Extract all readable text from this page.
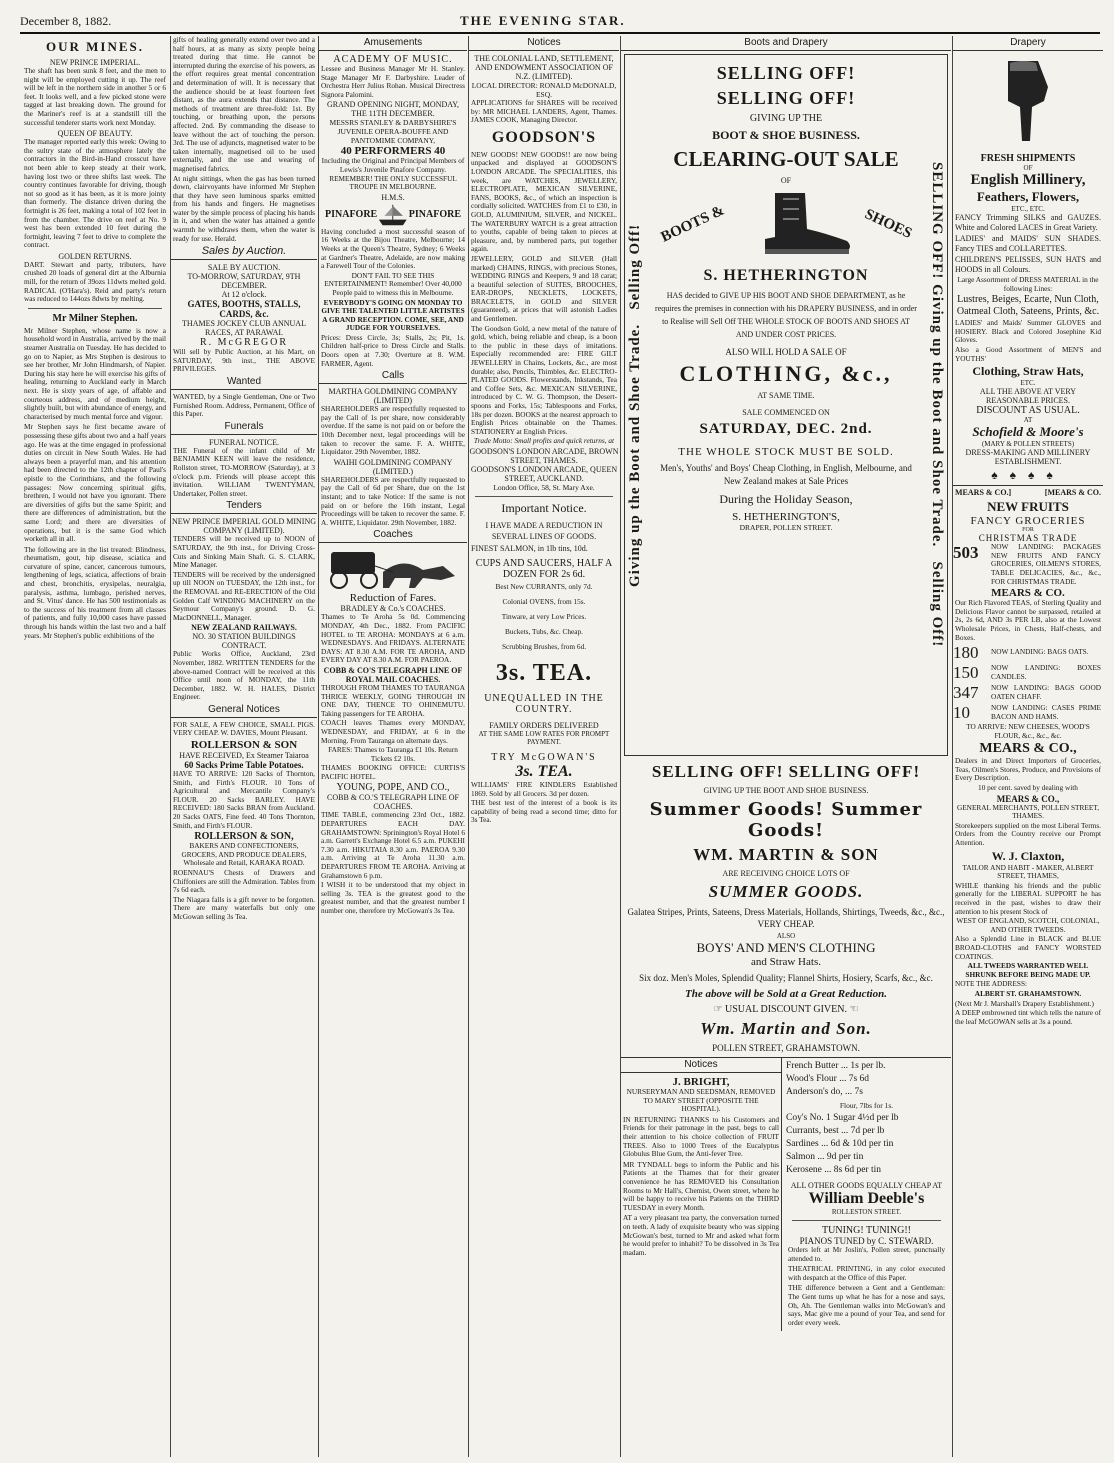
December 8, 1882.	THE EVENING STAR.
OUR MINES.
NEW PRINCE IMPERIAL.

The shaft has been sunk 8 feet, and the men to night will be employed cutting it up. The reef will be left in the northern side in another 5 or 6 feet. It looks well, and a few picked stone were tagged at last breaking down. The ground for the Mariner's reef is at a standstill till the successful tenderer starts work next Monday.

QUEEN OF BEAUTY.

The manager reported early this week: Owing to the sultry state of the atmosphere lately the contractors in the Bird-in-Hand crosscut have not been able to keep steady at their work, having lost two or three shifts last week. The country continues favorable for driving, though not so good as it has been, as it is more jointy than formerly. The distance driven during the fortnight is 26 feet, making a total of 102 feet in from the chamber. The drive on reef at No. 9 west has been extended 10 feet during the fortnight, leaving 7 feet to drive to complete the contract.

GOLDEN RETURNS.

DART. Stewart and party, tributers, have crushed 20 loads of general dirt at the Alburnia mill, for the return of 39ozs 11dwts melted gold. RADICAL (O'Hara's). Reid and party's return was reduced to 144ozs 8dwts by melting.

Mr Milner Stephen.

Mr Milner Stephen, whose name is now a household word in Australia, arrived by the mail steamer Australia on Tuesday. He has decided to go on to Napier, as Mrs Stephen is desirous to see her brother, Mr John Hindmarsh, of Napier. During his stay here he will exercise his gifts of healing, returning to Auckland early in March next. He is sixty years of age, of affable and courteous address, and of medium height, slightly built, but with abundance of energy, and characterised by much mental force and vigour.

Mr Stephen says he first became aware of possessing these gifts about two and a half years ago. He was at the time engaged in professional duties on circuit in New South Wales. He had always been a prayerful man, and his attention had been directed to the 12th chapter of Paul's epistle to the Corinthians, and the following passages: Now concerning spiritual gifts, brethren, I would not have you ignorant. There are diversities of gifts but the same Spirit; and there are differences of administration, but the same Lord; and there are diversities of operations, but it is the same God which worketh all in all.

The following are in the list treated: Blindness, rheumatism, gout, hip disease, sciatica and curvature of spine, cancer, cancerous tumours, lengthening of legs, sciatica, affections of brain and chest, bronchitis, erysipelas, neuralgia, paralysis, asthma, lumbago, perished nerves, and St. Vitus' dance. He has 500 testimonials as to the success of his treatment from all classes of patients, and fully 10,000 cases have passed through his hands within the last two and a half years. Mr Stephen's public exhibitions of the

gifts of healing generally extend over two and a half hours, at as many as sixty people being treated during that time. He cannot be interrupted during the exercise of his powers, as the effort requires great mental concentration and determination of will. It is necessary that the audience should be at least fourteen feet distant, as the aura extends that distance. The methods of treatment are three-fold: 1st. By touching, or breathing upon, the persons affected. 2nd. By commanding the disease to leave without the act of touching the person. 3rd. The use of adjuncts, magnetised water to be taken internally, magnetised oil to be used externally, and the use and wearing of magnetised fabrics.

At night sittings, when the gas has been turned down, clairvoyants have informed Mr Stephen that they have seen luminous sparks emitted from his hands and fingers. He magnetises water by the simple process of placing his hands in it, and when the water has attained a gentle warmth he withdraws them, when the water is ready for use. Herald.

Sales by Auction.
SALE BY AUCTION.
TO-MORROW, SATURDAY, 9TH DECEMBER.
At 12 o'clock.
GATES, BOOTHS, STALLS, CARDS, &c.
THAMES JOCKEY CLUB ANNUAL RACES, AT PARAWAI.
R. McGREGOR

Will sell by Public Auction, at his Mart, on SATURDAY, 9th inst., THE ABOVE PRIVILEGES.

Wanted

WANTED, by a Single Gentleman, One or Two Furnished Room. Address, Permanent, Office of this Paper.

Funerals
FUNERAL NOTICE.

THE Funeral of the infant child of Mr BENJAMIN KEEN will leave the residence, Rollston street, TO-MORROW (Saturday), at 3 o'clock p.m. Friends will please accept this invitation. WILLIAM TWENTYMAN, Undertaker, Pollen street.

Tenders
NEW PRINCE IMPERIAL GOLD MINING COMPANY (LIMITED).

TENDERS will be received up to NOON of SATURDAY, the 9th inst., for Driving Cross-Cuts and Sinking Main Shaft. G. S. CLARK, Mine Manager.

TENDERS will be received by the undersigned up till NOON on TUESDAY, the 12th inst., for the REMOVAL and RE-ERECTION of the Old Golden Calf WINDING MACHINERY on the Seymour Company's ground. D. G. MacDONNELL, Manager.

NEW ZEALAND RAILWAYS.
NO. 30 STATION BUILDINGS CONTRACT.

Public Works Office, Auckland, 23rd November, 1882. WRITTEN TENDERS for the above-named Contract will be received at this Office until noon of MONDAY, the 11th December, 1882. W. H. HALES, District Engineer.

General Notices

FOR SALE, A FEW CHOICE, SMALL PIGS. VERY CHEAP. W. DAVIES, Mount Pleasant.

ROLLERSON & SON
HAVE RECEIVED, Ex Steamer Taiaroa
60 Sacks Prime Table Potatoes.

HAVE TO ARRIVE: 120 Sacks of Thornton, Smith, and Firth's FLOUR. 10 Tons of Agricultural and Mercantile Company's FLOUR. 20 Sacks BARLEY. HAVE RECEIVED: 180 Sacks BRAN from Auckland. 20 Sacks OATS, Fine feed. 40 Tons Thornton, Smith, and Firth's FLOUR.

ROLLERSON & SON,

BAKERS AND CONFECTIONERS, GROCERS, AND PRODUCE DEALERS, Wholesale and Retail, KARAKA ROAD.

ROENNAU'S Chests of Drawers and Chiffoniers are still the Admiration. Tables from 7s 6d each.

The Niagara falls is a gift never to be forgotten. There are many waterfalls but only one McGowan selling 3s Tea.

Amusements
ACADEMY OF MUSIC.

Lessee and Business Manager Mr H. Stanley. Stage Manager Mr F. Darbyshire. Leader of Orchestra Herr Julius Rohan. Musical Directress Signora Palomini.

GRAND OPENING NIGHT, MONDAY, THE 11TH DECEMBER.
MESSRS STANLEY & DARBYSHIRE'S JUVENILE OPERA-BOUFFE AND PANTOMIME COMPANY,
40 PERFORMERS 40

Including the Original and Principal Members of Lewis's Juvenile Pinafore Company. REMEMBER! THE ONLY SUCCESSFUL TROUPE IN MELBOURNE.

H.M.S.
PINAFORE	PINAFORE

Having concluded a most successful season of 16 Weeks at the Bijou Theatre, Melbourne; 14 Weeks at the Queen's Theatre, Sydney; 6 Weeks at Gardner's Theatre, Adelaide, are now making a Farewell Tour of the Colonies.

DON'T FAIL TO SEE THIS ENTERTAINMENT! Remember! Over 40,000 People paid to witness this in Melbourne.

EVERYBODY'S GOING ON MONDAY TO GIVE THE TALENTED LITTLE ARTISTES A GRAND RECEPTION. COME, SEE, AND JUDGE FOR YOURSELVES.

Prices: Dress Circle, 3s; Stalls, 2s; Pit, 1s. Children half-price to Dress Circle and Stalls. Doors open at 7.30; Overture at 8. W.M. FARMER, Agent.

Calls
MARTHA GOLDMINING COMPANY (LIMITED)

SHAREHOLDERS are respectfully requested to pay the Call of 1s per share, now considerably overdue. If the same is not paid on or before the 10th December next, legal proceedings will be taken to recover the same. F. A. WHITE, Liquidator. 29th November, 1882.

WAIHI GOLDMINING COMPANY (LIMITED.)

SHAREHOLDERS are respectfully requested to pay the Call of 6d per Share, due on the 1st instant; and to take Notice: If the same is not paid on or before the 16th instant, Legal Proceedings will be taken to recover the same. F. A. WHITE, Liquidator. 29th November, 1882.

Coaches
Reduction of Fares.
BRADLEY & Co.'s COACHES.

Thames to Te Aroha 5s 0d. Commencing MONDAY, 4th Dec., 1882. From PACIFIC HOTEL to TE AROHA: MONDAYS at 6 a.m. WEDNESDAYS. And FRIDAYS. ALTERNATE DAYS: AT 8.30 A.M. FOR TE AROHA, AND EVERY DAY AT 8.30 A.M. FOR PAEROA.

COBB & CO'S TELEGRAPH LINE OF ROYAL MAIL COACHES.

THROUGH FROM THAMES TO TAURANGA THRICE WEEKLY, GOING THROUGH IN ONE DAY, THENCE TO OHINEMUTU. Taking passengers for TE AROHA.

COACH leaves Thames every MONDAY, WEDNESDAY, and FRIDAY, at 6 in the Morning. From Tauranga on alternate days.

FARES: Thames to Tauranga £1 10s. Return Tickets £2 10s.

THAMES BOOKING OFFICE: CURTIS'S PACIFIC HOTEL.

YOUNG, POPE, AND CO.,
COBB & CO.'S TELEGRAPH LINE OF COACHES.

TIME TABLE, commencing 23rd Oct., 1882. DEPARTURES EACH DAY. GRAHAMSTOWN: Sprinington's Royal Hotel 6 a.m. Garrett's Exchange Hotel 6.5 a.m. PUKEHI 7.30 a.m. HIKUTAIA 8.30 a.m. PAEROA 9.30 a.m. Arriving at Te Aroha 11.30 a.m. DEPARTURES FROM TE AROHA. Arriving at Grahamstown 6 p.m.

I WISH it to be understood that my object in selling 3s. TEA is the greatest good to the greatest number, and that the greatest number I number one, therefore try McGowan's 3s Tea.

Notices
THE COLONIAL LAND, SETTLEMENT, AND ENDOWMENT ASSOCIATION OF N.Z. (LIMITED).
LOCAL DIRECTOR: RONALD McDONALD, ESQ.

APPLICATIONS for SHARES will be received by: MR MICHAEL LANDERS, Agent, Thames. JAMES COOK, Managing Director.

GOODSON'S

NEW GOODS! NEW GOODS!! are now being unpacked and displayed at GOODSON'S LONDON ARCADE. The SPECIALITIES, this week, are WATCHES, JEWELLERY, ELECTROPLATE, MEXICAN SILVERINE, FANS, BOOKS, &c., of which an inspection is cordially solicited. WATCHES from £1 to £30, in GOLD, ALUMINIUM, SILVER, and NICKEL. The WATERBURY WATCH is a great attraction to youths, capable of being taken to pieces at pleasure, and, by numbered parts, put together again.

JEWELLERY, GOLD and SILVER (Hall marked) CHAINS, RINGS, with precious Stones, WEDDING RINGS and Keepers, 9 and 18 carat; a beautiful selection of SUITES, BROOCHES, EAR-DROPS, NECKLETS, LOCKETS, BRACELETS, in GOLD and SILVER (guaranteed), at prices that will astonish Ladies and Gentlemen.

The Goodson Gold, a new metal of the nature of gold, which, being reliable and cheap, is a boon to the public in these days of imitations. Especially recommended are: FIRE GILT JEWELLERY in Chains, Lockets, &c., are most durable; also, Pencils, Thimbles, &c. ELECTRO-PLATED GOODS. Flowerstands, Inkstands, Tea and Coffee Sets, &c. MEXICAN SILVERINE, introduced by C. W. G. Thompson, the Desert-spoons and Forks, 15s; Tablespoons and Forks, 18s per dozen. BOOKS at the nearest approach to English Prices obtainable on the Thames. STATIONERY at English Prices.

Trade Motto: Small profits and quick returns, at

GOODSON'S LONDON ARCADE, BROWN STREET, THAMES.
GOODSON'S LONDON ARCADE, QUEEN STREET, AUCKLAND.
London Office, 58, St. Mary Axe.
Important Notice.

I HAVE MADE A REDUCTION IN SEVERAL LINES OF GOODS.

FINEST SALMON, in 1lb tins, 10d.

CUPS AND SAUCERS, HALF A DOZEN FOR 2s 6d.

Best New CURRANTS, only 7d.

Colonial OVENS, from 15s.

Tinware, at very Low Prices.

Buckets, Tubs, &c. Cheap.

Scrubbing Brushes, from 6d.

3s. TEA.
UNEQUALLED IN THE COUNTRY.
FAMILY ORDERS DELIVERED
AT THE SAME LOW RATES FOR PROMPT PAYMENT.
TRY McGOWAN'S
3s. TEA.

WILLIAMS' FIRE KINDLERS Established 1869. Sold by all Grocers. 3d per dozen.

THE best test of the interest of a book is its capability of being read a second time; ditto for 3s Tea.

Boots and Drapery
Giving up the Boot and Shoe Trade.   Selling Off!	SELLING OFF! Giving up the Boot and Shoe Trade.   Selling Off!
SELLING OFF!
SELLING OFF!
GIVING UP THE
BOOT & SHOE BUSINESS.
CLEARING-OUT SALE
OF
BOOTS &	SHOES
S. HETHERINGTON

HAS decided to GIVE UP HIS BOOT AND SHOE DEPARTMENT, as he requires the premises in connection with his DRAPERY BUSINESS, and in order to Realise will Sell Off THE WHOLE STOCK OF BOOTS AND SHOES AT AND UNDER COST PRICES.

ALSO WILL HOLD A SALE OF
CLOTHING, &c.,
AT SAME TIME.
SALE COMMENCED ON
SATURDAY, DEC. 2nd.
THE WHOLE STOCK MUST BE SOLD.

Men's, Youths' and Boys' Cheap Clothing, in English, Melbourne, and New Zealand makes at Sale Prices

During the Holiday Season,
S. HETHERINGTON'S,
DRAPER, POLLEN STREET.
SELLING OFF! SELLING OFF!
GIVING UP THE BOOT AND SHOE BUSINESS.
Summer Goods! Summer Goods!
WM. MARTIN & SON
ARE RECEIVING CHOICE LOTS OF
SUMMER GOODS.

Galatea Stripes, Prints, Sateens, Dress Materials, Hollands, Shirtings, Tweeds, &c., &c., VERY CHEAP.

ALSO
BOYS' AND MEN'S CLOTHING
and Straw Hats.

Six doz. Men's Moles, Splendid Quality; Flannel Shirts, Hosiery, Scarfs, &c., &c.

The above will be Sold at a Great Reduction.
☞ USUAL DISCOUNT GIVEN. ☜
Wm. Martin and Son.
POLLEN STREET, GRAHAMSTOWN.
Notices
J. BRIGHT,

NURSERYMAN AND SEEDSMAN, REMOVED TO MARY STREET (OPPOSITE THE HOSPITAL).

IN RETURNING THANKS to his Customers and Friends for their patronage in the past, begs to call their attention to his choice collection of FRUIT TREES. Also to 1000 Trees of the Eucalyptus Globulus Blue Gum, the Anti-fever Tree.

MR TYNDALL begs to inform the Public and his Patients at the Thames that for their greater convenience he has REMOVED his Consultation Rooms to Mr Hall's, Chemist, Owen street, where he will be happy to receive his Patients on the THIRD TUESDAY in every Month.

AT a very pleasant tea party, the conversation turned on teeth. A lady of exquisite beauty who was sipping McGowan's best, turned to Mr and asked what form he would prefer to inhabit? To be dissolved in 3s Tea madam.

French Butter ... 1s per lb.
Wood's Flour ... 7s 6d
Anderson's do, ... 7s
Flour, 7lbs for 1s.
Coy's No. 1 Sugar 4½d per lb
Currants, best ... 7d per lb
Sardines ... 6d & 10d per tin
Salmon ... 9d per tin
Kerosene ... 8s 6d per tin
ALL OTHER GOODS EQUALLY CHEAP AT
William Deeble's
ROLLESTON STREET.
TUNING! TUNING!!
PIANOS TUNED by C. STEWARD.

Orders left at Mr Joslin's, Pollen street, punctually attended to.

THEATRICAL PRINTING, in any color executed with despatch at the Office of this Paper.

THE difference between a Gent and a Gentleman: The Gent turns up what he has for a nose and says, Oh, Ah. The Gentleman walks into McGowan's and says, Mac give me a pound of your Tea, and send for order every week.

Drapery
FRESH SHIPMENTS
OF
English Millinery,
Feathers, Flowers,
ETC., ETC.

FANCY Trimming SILKS and GAUZES. White and Colored LACES in Great Variety.

LADIES' and MAIDS' SUN SHADES. Fancy TIES and COLLARETTES.

CHILDREN'S PELISSES, SUN HATS and HOODS in all Colours.

Large Assortment of DRESS MATERIAL in the following Lines:

Lustres, Beiges, Ecarte, Nun Cloth, Oatmeal Cloth, Sateens, Prints, &c.

LADIES' and Maids' Summer GLOVES and HOSIERY. Black and Colored Josephine Kid Gloves.

Also a Good Assortment of MEN'S and YOUTHS'

Clothing, Straw Hats,
ETC.
ALL THE ABOVE AT VERY REASONABLE PRICES.
DISCOUNT AS USUAL.
AT
Schofield & Moore's
(MARY & POLLEN STREETS)
DRESS-MAKING AND MILLINERY ESTABLISHMENT.
♠♠♠♠
MEARS & CO.]	[MEARS & CO.
NEW FRUITS
FANCY GROCERIES
FOR
CHRISTMAS TRADE
503	NOW LANDING: PACKAGES NEW FRUITS AND FANCY GROCERIES, OILMEN'S STORES, TABLE DELICACIES, &c., &c., FOR CHRISTMAS TRADE.

MEARS & CO.

Our Rich Flavored TEAS, of Sterling Quality and Delicious Flavor cannot be surpassed, retailed at 2s, 2s 6d, AND 3s PER LB, also at the Lowest Wholesale Prices, in Chests, Half-chests, and Boxes.

180	NOW LANDING: BAGS OATS.

150	NOW LANDING: BOXES CANDLES.

347	NOW LANDING: BAGS GOOD OATEN CHAFF.

10	NOW LANDING: CASES PRIME BACON AND HAMS.

TO ARRIVE: NEW CHEESES, WOOD'S FLOUR, &c., &c., &c.

MEARS & CO.,

Dealers in and Direct Importers of Groceries, Teas, Oilmen's Stores, Produce, and Provisions of Every Description.

10 per cent. saved by dealing with

MEARS & CO.,

GENERAL MERCHANTS, POLLEN STREET, THAMES.

Storekeepers supplied on the most Liberal Terms. Orders from the Country receive our Prompt Attention.

W. J. Claxton,

TAILOR AND HABIT - MAKER, ALBERT STREET, THAMES,

WHILE thanking his friends and the public generally for the LIBERAL SUPPORT he has received in the past, wishes to draw their attention to his present Stock of

WEST OF ENGLAND, SCOTCH, COLONIAL, AND OTHER TWEEDS.

Also a Splendid Line in BLACK and BLUE BROAD-CLOTHS and FANCY WORSTED COATINGS.

ALL TWEEDS WARRANTED WELL SHRUNK BEFORE BEING MADE UP.

NOTE THE ADDRESS:

ALBERT ST. GRAHAMSTOWN.

(Next Mr J. Marshall's Drapery Establishment.)

A DEEP embrowned tint which tells the nature of the leaf McGOWAN sells at 3s a pound.
